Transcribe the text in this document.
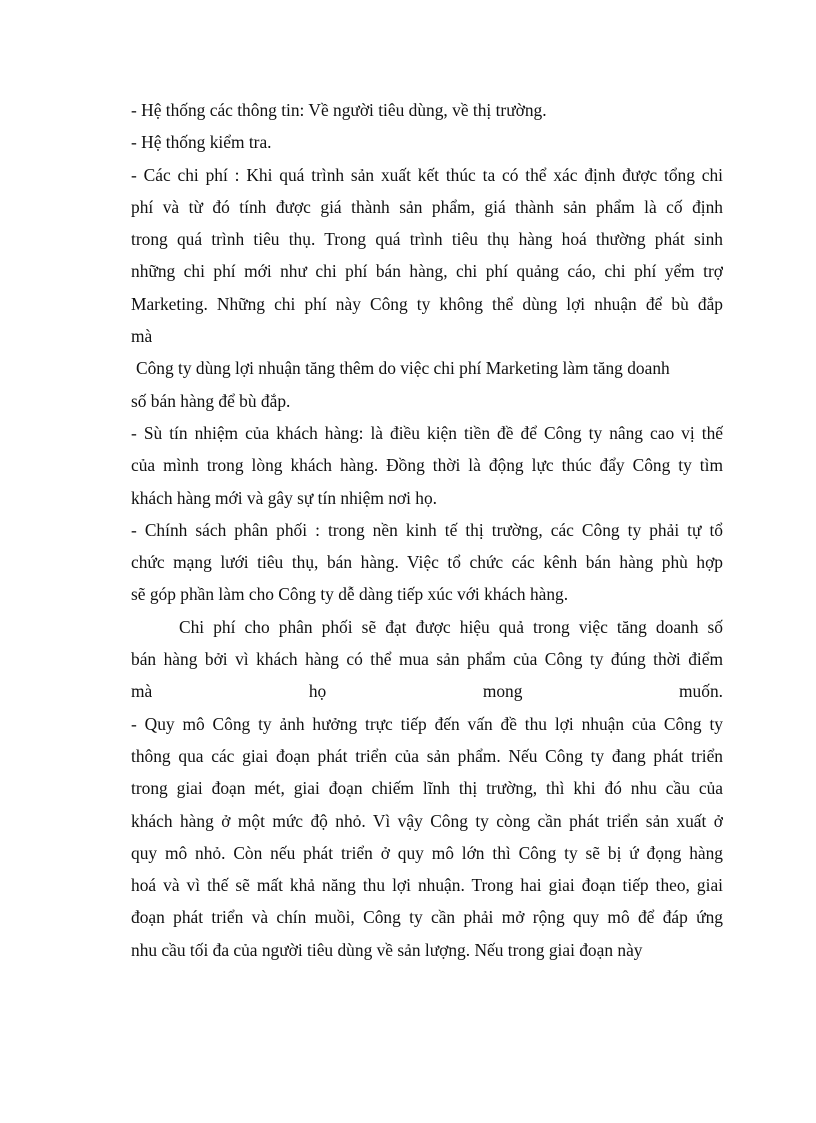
- Hệ thống các thông tin: Về người tiêu dùng, về thị trường.
- Hệ thống kiểm tra.
- Các chi phí : Khi quá trình sản xuất kết thúc ta có thể xác định được tổng chi
phí và từ đó tính được giá thành sản phẩm, giá thành sản phẩm là cố định
trong quá trình tiêu thụ. Trong quá trình tiêu thụ hàng hoá thường phát sinh
những chi phí mới như chi phí bán hàng, chi phí quảng cáo, chi phí yểm trợ
Marketing. Những chi phí này Công ty không thể dùng lợi nhuận để bù đắp
mà
Công ty dùng lợi nhuận tăng thêm do việc chi phí Marketing làm tăng doanh
số bán hàng để bù đắp.
- Sù tín nhiệm của khách hàng: là điều kiện tiền đề để Công ty nâng cao vị thế
của mình trong lòng khách hàng. Đồng thời là động lực thúc đẩy Công ty tìm
khách hàng mới và gây sự tín nhiệm nơi họ.
- Chính sách phân phối : trong nền kinh tế thị trường, các Công ty phải tự tổ
chức mạng lưới tiêu thụ, bán hàng. Việc tổ chức các kênh bán hàng phù hợp
sẽ góp phần làm cho Công ty dễ dàng tiếp xúc với khách hàng.
Chi phí cho phân phối sẽ đạt được hiệu quả trong việc tăng doanh số
bán hàng bởi vì khách hàng có thể mua sản phẩm của Công ty đúng thời điểm
mà họ mong muốn.
- Quy mô Công ty ảnh hưởng trực tiếp đến vấn đề thu lợi nhuận của Công ty
thông qua các giai đoạn phát triển của sản phẩm. Nếu Công ty đang phát triển
trong giai đoạn mét, giai đoạn chiếm lĩnh thị trường, thì khi đó nhu cầu của
khách hàng ở một mức độ nhỏ. Vì vậy Công ty còng cần phát triển sản xuất ở
quy mô nhỏ. Còn nếu phát triển ở quy mô lớn thì Công ty sẽ bị ứ đọng hàng
hoá và vì thế sẽ mất khả năng thu lợi nhuận. Trong hai giai đoạn tiếp theo, giai
đoạn phát triển và chín muồi, Công ty cần phải mở rộng quy mô để đáp ứng
nhu cầu tối đa của người tiêu dùng về sản lượng. Nếu trong giai đoạn này
